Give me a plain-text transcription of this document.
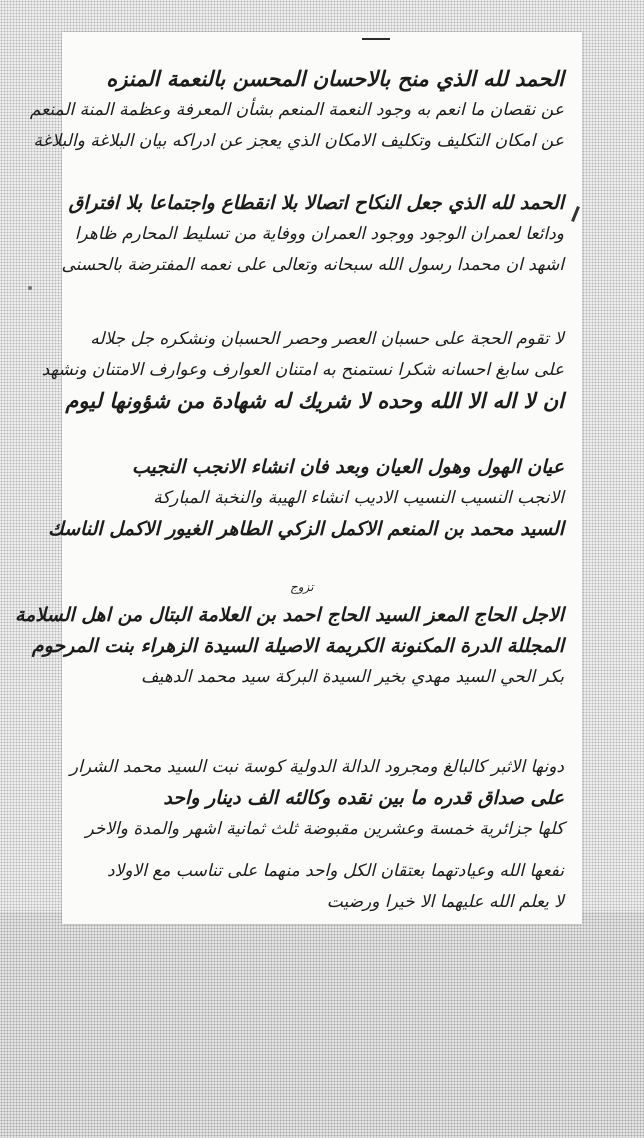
تزوج
الحمد لله الذي منح بالاحسان المحسن بالنعمة المنزه
عن نقصان ما انعم به وجود النعمة المنعم بشأن المعرفة وعظمة المنة المنعم
عن امكان التكليف وتكليف الامكان الذي يعجز عن ادراكه بيان البلاغة والبلاغة
الحمد لله الذي جعل النكاح اتصالا بلا انقطاع واجتماعا بلا افتراق
ودائعا لعمران الوجود ووجود العمران ووفاية من تسليط المحارم ظاهرا
اشهد ان محمدا رسول الله سبحانه وتعالى على نعمه المفترضة بالحسنى
لا تقوم الحجة على حسبان العصر وحصر الحسبان ونشكره جل جلاله
على سابغ احسانه شكرا نستمنح به امتنان العوارف وعوارف الامتنان ونشهد
ان لا اله الا الله وحده لا شريك له شهادة من شؤونها ليوم
عيان الهول وهول العيان وبعد فان انشاء الانجب النجيب
الانجب النسيب النسيب الاديب انشاء الهيبة والنخبة المباركة
السيد محمد بن المنعم الاكمل الزكي الطاهر الغيور الاكمل الناسك
الاجل الحاج المعز السيد الحاج احمد بن العلامة البتال من اهل السلامة
المجللة الدرة المكنونة الكريمة الاصيلة السيدة الزهراء بنت المرحوم
بكر الحي السيد مهدي بخير السيدة البركة سيد محمد الدهيف
دونها الاثبر كالبالغ ومجرود الدالة الدولية كوسة نبت السيد محمد الشرار
على صداق قدره ما بين نقده وكالئه الف دينار واحد
كلها جزائرية خمسة وعشرين مقبوضة ثلث ثمانية اشهر والمدة والاخر
نفعها الله وعيادتهما بعتقان الكل واحد منهما على تناسب مع الاولاد
لا يعلم الله عليهما الا خيرا ورضيت
